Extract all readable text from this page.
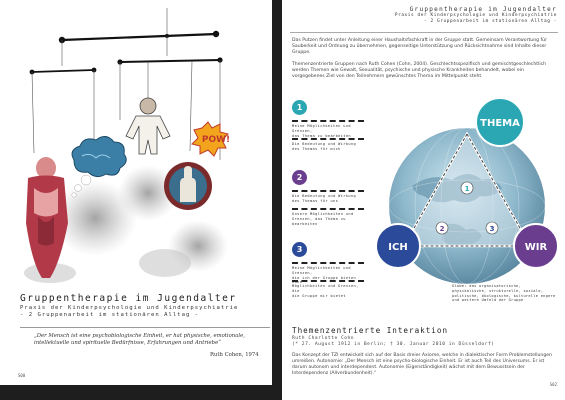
POW!
Gruppentherapie im Jugendalter
Praxis der Kinderpsychologie und Kinderpsychiatrie
- 2 Gruppenarbeit im stationären Alltag -
„Der Mensch ist eine psychobiologische Einheit, er hat physische, emotionale, intellektuelle und spirituelle Bedürfnisse, Erfahrungen und Antriebe“
Ruth Cohen, 1974
S00
Gruppentherapie im Jugendalter
Praxis der Kinderpsychologie und Kinderpsychiatrie
- 2 Gruppenarbeit im stationären Alltag -
Das Putzen findet unter Anleitung einer Haushaltsfachkraft in der Gruppe statt. Gemeinsam Verantwortung für Sauberkeit und Ordnung zu übernehmen, gegenseitige Unterstützung und Rücksichtnahme sind Inhalte dieser Gruppe.
Themenzentrierte Gruppen nach Ruth Cohen (Cohn, 2004). Geschlechtsspezifisch und gemischtgeschlechtlich werden Themen wie Gewalt, Sexualität, psychische und physische Krankheiten behandelt, wobei ein vorgegebenes Ziel von den Teilnehmern gewünschtes Thema im Mittelpunkt steht.
1
Meine Möglichkeiten und Grenzen,
das Thema zu bearbeiten
Die Bedeutung und Wirkung
des Themas für mich
2
Die Bedeutung und Wirkung
des Themas für uns
Unsere Möglichkeiten und
Grenzen, das Thema zu
bearbeiten
3
Meine Möglichkeiten und Grenzen,
die ich der Gruppe bieten kann
Möglichkeiten und Grenzen, die
die Gruppe mir bietet
1
2	3
THEMA
ICH	WIR
Globe: das organisatorische, physikalische, strukturelle, soziale, politische, ökologische, kulturelle engere und weitere Umfeld der Gruppe
Themenzentrierte Interaktion
Ruth Charlotte Cohn
(* 27. August 1912 in Berlin; † 30. Januar 2010 in Düsseldorf)
Das Konzept der TZI entwickelt sich auf der Basis dreier Axiome, welche in dialektischer Form Problemstellungen umreißen. Autonomie: „Der Mensch ist eine psycho-biologische Einheit. Er ist auch Teil des Universums. Er ist darum autonom und interdependent. Autonomie (Eigenständigkeit) wächst mit dem Bewusstsein der Interdependenz (Allverbundenheit).“
S02
